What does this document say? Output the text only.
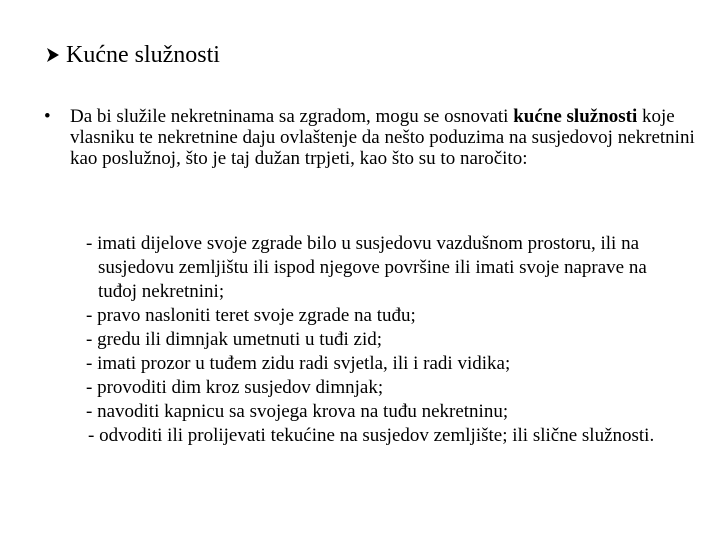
Kućne služnosti
•	Da bi služile nekretninama sa zgradom, mogu se osnovati kućne služnosti koje vlasniku te nekretnine daju ovlaštenje da nešto poduzima na susjedovoj nekretnini kao poslužnoj, što je taj dužan trpjeti, kao što su to naročito:
- imati dijelove svoje zgrade bilo u susjedovu vazdušnom prostoru, ili na susjedovu zemljištu ili ispod njegove površine ili imati svoje naprave na tuđoj nekretnini;
- pravo nasloniti teret svoje zgrade na tuđu;
- gredu ili dimnjak umetnuti u tuđi zid;
- imati prozor u tuđem zidu radi svjetla, ili i radi vidika;
- provoditi dim kroz susjedov dimnjak;
- navoditi kapnicu sa svojega krova na tuđu nekretninu;
- odvoditi ili prolijevati tekućine na susjedov zemljište; ili slične služnosti.
